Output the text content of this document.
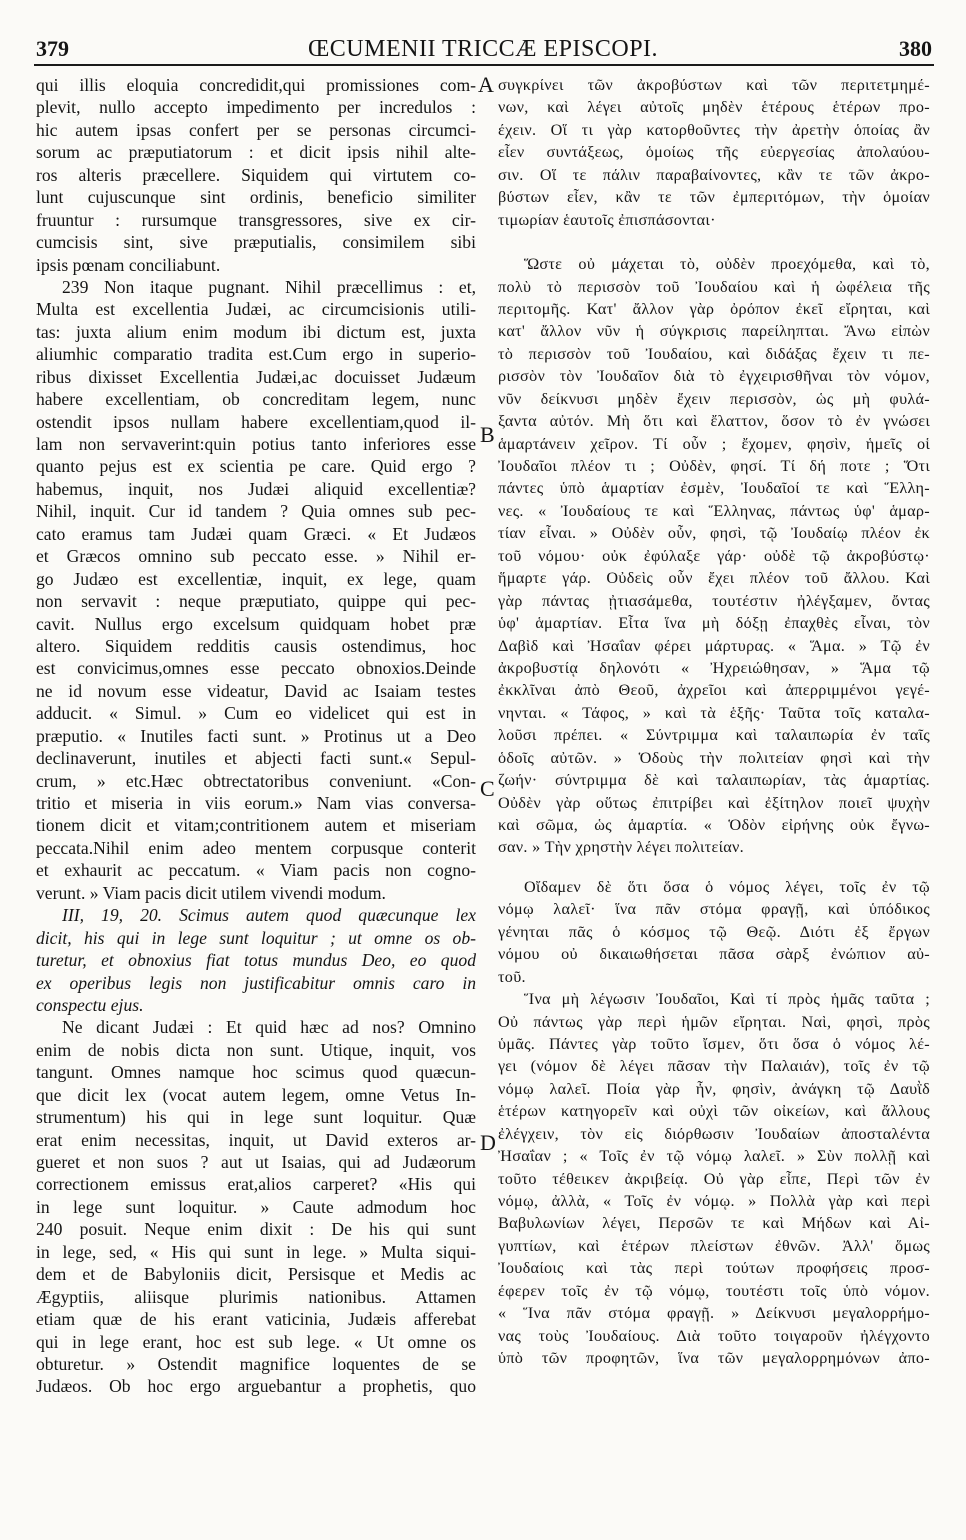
379	ŒCUMENII TRICCÆ EPISCOPI.	380
qui illis eloquia concredidit,qui promissiones com-
plevit, nullo accepto impedimento per incredulos :
hic autem ipsas confert per se personas circumci-
sorum ac præputiatorum : et dicit ipsis nihil alte-
ros alteris præcellere. Siquidem qui virtutem co-
lunt cujuscunque sint ordinis, beneficio similiter
fruuntur : rursumque transgressores, sive ex cir-
cumcisis sint, sive præputialis, consimilem sibi
ipsis pœnam conciliabunt.
239 Non itaque pugnant. Nihil præcellimus : et,
Multa est excellentia Judæi, ac circumcisionis utili-
tas: juxta alium enim modum ibi dictum est, juxta
aliumhic comparatio tradita est.Cum ergo in superio-
ribus dixisset Excellentia Judæi,ac docuisset Judæum
habere excellentiam, ob concreditam legem, nunc
ostendit ipsos nullam habere excellentiam,quod il-
lam non servaverint:quin potius tanto inferiores esse
quanto pejus est ex scientia pe care. Quid ergo ?
habemus, inquit, nos Judæi aliquid excellentiæ?
Nihil, inquit. Cur id tandem ? Quia omnes sub pec-
cato eramus tam Judæi quam Græci. « Et Judæos
et Græcos omnino sub peccato esse. » Nihil er-
go Judæo est excellentiæ, inquit, ex lege, quam
non servavit : neque præputiato, quippe qui pec-
cavit. Nullus ergo excelsum quidquam hobet præ
altero. Siquidem redditis causis ostendimus, hoc
est convicimus,omnes esse peccato obnoxios.Deinde
ne id novum esse videatur, David ac Isaiam testes
adducit. « Simul. » Cum eo videlicet qui est in
præputio. « Inutiles facti sunt. » Protinus ut a Deo
declinaverunt, inutiles et abjecti facti sunt.« Sepul-
crum, » etc.Hæc obtrectatoribus conveniunt. «Con-
tritio et miseria in viis eorum.» Nam vias conversa-
tionem dicit et vitam;contritionem autem et miseriam
peccata.Nihil enim adeo mentem corpusque conterit
et exhaurit ac peccatum. « Viam pacis non cogno-
verunt. » Viam pacis dicit utilem vivendi modum.
III, 19, 20. Scimus autem quod quæcunque lex
dicit, his qui in lege sunt loquitur ; ut omne os ob-
turetur, et obnoxius fiat totus mundus Deo, eo quod
ex operibus legis non justificabitur omnis caro in
conspectu ejus.
Ne dicant Judæi : Et quid hæc ad nos? Omnino
enim de nobis dicta non sunt. Utique, inquit, vos
tangunt. Omnes namque hoc scimus quod quæcun-
que dicit lex (vocat autem legem, omne Vetus In-
strumentum) his qui in lege sunt loquitur. Quæ
erat enim necessitas, inquit, ut David exteros ar-
gueret et non suos ? aut ut Isaias, qui ad Judæorum
correctionem emissus erat,alios carperet? «His qui
in lege sunt loquitur. » Caute admodum hoc
240 posuit. Neque enim dixit : De his qui sunt
in lege, sed, « His qui sunt in lege. » Multa siqui-
dem et de Babyloniis dicit, Persisque et Medis ac
Ægyptiis, aliisque plurimis nationibus. Attamen
etiam quæ de his erant vaticinia, Judæis afferebat
qui in lege erant, hoc est sub lege. « Ut omne os
obturetur. » Ostendit magnifice loquentes de se
Judæos. Ob hoc ergo arguebantur a prophetis, quo
συγκρίνει τῶν ἀκροβύστων καὶ τῶν περιτετμημέ-
νων, καὶ λέγει αὐτοῖς μηδὲν ἑτέρους ἑτέρων προ-
έχειν. Οἵ τι γὰρ κατορθοῦντες τὴν ἀρετὴν ὁποίας ἂν
εἶεν συντάξεως, ὁμοίως τῆς εὐεργεσίας ἀπολαύου-
σιν. Οἵ τε πάλιν παραβαίνοντες, κἂν τε τῶν ἀκρο-
βύστων εἶεν, κἂν τε τῶν ἐμπεριτόμων, τὴν ὁμοίαν
τιμωρίαν ἑαυτοῖς ἐπισπάσονται·
Ὥστε οὐ μάχεται τὸ, οὐδὲν προεχόμεθα, καὶ τὸ,
πολὺ τὸ περισσὸν τοῦ Ἰουδαίου καὶ ἡ ὠφέλεια τῆς
περιτομῆς. Κατ' ἄλλον γὰρ ὀρόπον ἐκεῖ εἴρηται, καὶ
κατ' ἄλλον νῦν ἡ σύγκρισις παρείληπται. Ἄνω εἰπὼν
τὸ περισσὸν τοῦ Ἰουδαίου, καὶ διδάξας ἔχειν τι πε-
ρισσὸν τὸν Ἰουδαῖον διὰ τὸ ἐγχειρισθῆναι τὸν νόμον,
νῦν δείκνυσι μηδὲν ἔχειν περισσὸν, ὡς μὴ φυλά-
ξαντα αὐτόν. Μὴ ὅτι καὶ ἔλαττον, ὅσον τὸ ἐν γνώσει
ἁμαρτάνειν χεῖρον. Τί οὖν ; ἔχομεν, φησὶν, ἡμεῖς οἱ
Ἰουδαῖοι πλέον τι ; Οὐδὲν, φησί. Τί δή ποτε ; Ὅτι
πάντες ὑπὸ ἁμαρτίαν ἐσμὲν, Ἰουδαῖοί τε καὶ Ἕλλη-
νες. « Ἰουδαίους τε καὶ Ἕλληνας, πάντως ὑφ' ἁμαρ-
τίαν εἶναι. » Οὐδὲν οὖν, φησὶ, τῷ Ἰουδαίῳ πλέον ἐκ
τοῦ νόμου· οὐκ ἐφύλαξε γάρ· οὐδὲ τῷ ἀκροβύστῳ·
ἥμαρτε γάρ. Οὐδεὶς οὖν ἔχει πλέον τοῦ ἄλλου. Καὶ
γὰρ πάντας ᾐτιασάμεθα, τουτέστιν ἠλέγξαμεν, ὄντας
ὑφ' ἁμαρτίαν. Εἶτα ἵνα μὴ δόξῃ ἐπαχθὲς εἶναι, τὸν
Δαβὶδ καὶ Ἠσαΐαν φέρει μάρτυρας. « Ἅμα. » Τῷ ἐν
ἀκροβυστίᾳ δηλονότι « Ἠχρειώθησαν, » Ἅμα τῷ
ἐκκλῖναι ἀπὸ Θεοῦ, ἀχρεῖοι καὶ ἀπερριμμένοι γεγέ-
νηνται. « Τάφος, » καὶ τὰ ἑξῆς· Ταῦτα τοῖς καταλα-
λοῦσι πρέπει. « Σύντριμμα καὶ ταλαιπωρία ἐν ταῖς
ὁδοῖς αὐτῶν. » Ὁδοὺς τὴν πολιτείαν φησὶ καὶ τὴν
ζωήν· σύντριμμα δὲ καὶ ταλαιπωρίαν, τὰς ἁμαρτίας.
Οὐδὲν γὰρ οὕτως ἐπιτρίβει καὶ ἐξίτηλον ποιεῖ ψυχὴν
καὶ σῶμα, ὡς ἁμαρτία. « Ὁδὸν εἰρήνης οὐκ ἔγνω-
σαν. » Τὴν χρηστὴν λέγει πολιτείαν.
Οἴδαμεν δὲ ὅτι ὅσα ὁ νόμος λέγει, τοῖς ἐν τῷ
νόμῳ λαλεῖ· ἵνα πᾶν στόμα φραγῇ, καὶ ὑπόδικος
γένηται πᾶς ὁ κόσμος τῷ Θεῷ. Διότι ἐξ ἔργων
νόμου οὐ δικαιωθήσεται πᾶσα σὰρξ ἐνώπιον αὐ-
τοῦ.
Ἵνα μὴ λέγωσιν Ἰουδαῖοι, Καὶ τί πρὸς ἡμᾶς ταῦτα ;
Οὐ πάντως γὰρ περὶ ἡμῶν εἴρηται. Ναὶ, φησὶ, πρὸς
ὑμᾶς. Πάντες γὰρ τοῦτο ἴσμεν, ὅτι ὅσα ὁ νόμος λέ-
γει (νόμον δὲ λέγει πᾶσαν τὴν Παλαιάν), τοῖς ἐν τῷ
νόμῳ λαλεῖ. Ποία γὰρ ἦν, φησὶν, ἀνάγκη τῷ Δαυῒδ
ἑτέρων κατηγορεῖν καὶ οὐχὶ τῶν οἰκείων, καὶ ἄλλους
ἐλέγχειν, τὸν εἰς διόρθωσιν Ἰουδαίων ἀποσταλέντα
Ἠσαΐαν ; « Τοῖς ἐν τῷ νόμῳ λαλεῖ. » Σὺν πολλῇ καὶ
τοῦτο τέθεικεν ἀκριβείᾳ. Οὐ γὰρ εἶπε, Περὶ τῶν ἐν
νόμῳ, ἀλλὰ, « Τοῖς ἐν νόμῳ. » Πολλὰ γὰρ καὶ περὶ
Βαβυλωνίων λέγει, Περσῶν τε καὶ Μήδων καὶ Αἰ-
γυπτίων, καὶ ἑτέρων πλείστων ἐθνῶν. Ἀλλ' ὅμως
Ἰουδαίοις καὶ τὰς περὶ τούτων προφήσεις προσ-
έφερεν τοῖς ἐν τῷ νόμῳ, τουτέστι τοῖς ὑπὸ νόμον.
« Ἵνα πᾶν στόμα φραγῇ. » Δείκνυσι μεγαλορρήμο-
νας τοὺς Ἰουδαίους. Διὰ τοῦτο τοιγαροῦν ἠλέγχοντο
ὑπὸ τῶν προφητῶν, ἵνα τῶν μεγαλορρημόνων ἀπο-
A
B
C
D
